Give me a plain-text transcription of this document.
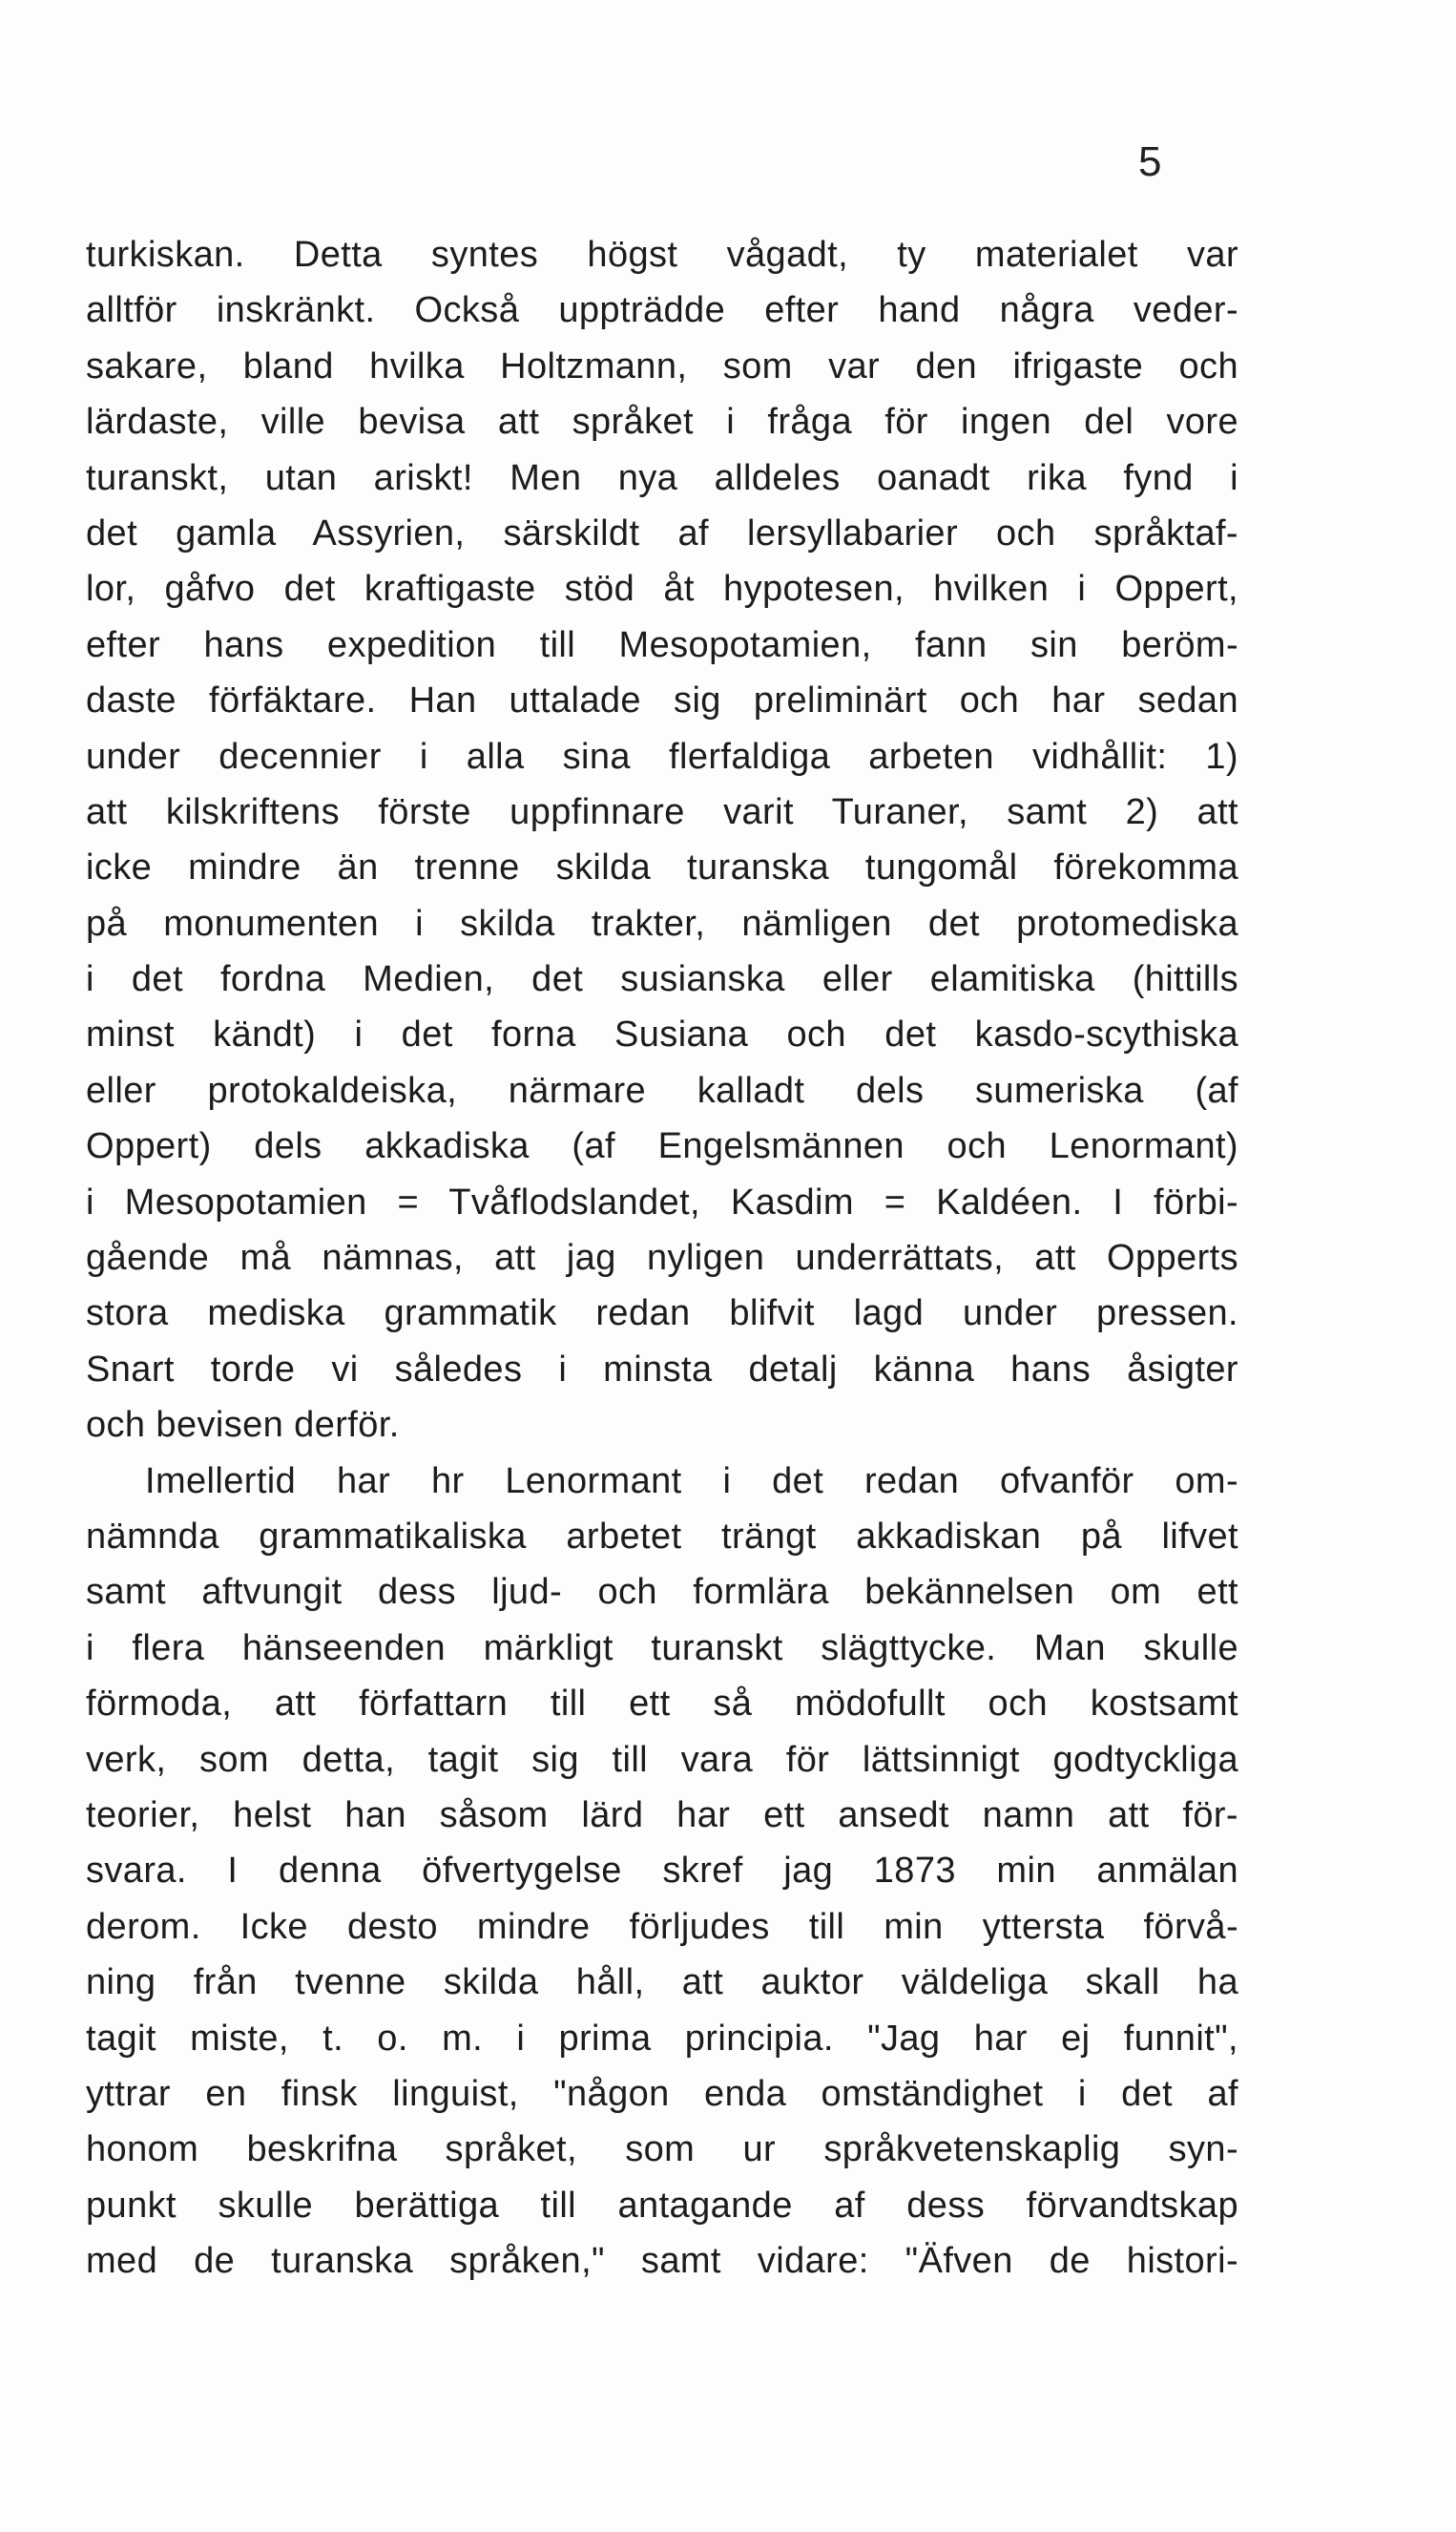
5
turkiskan. Detta syntes högst vågadt, ty materialet var
alltför inskränkt. Också uppträdde efter hand några veder-
sakare, bland hvilka Holtzmann, som var den ifrigaste och
lärdaste, ville bevisa att språket i fråga för ingen del vore
turanskt, utan ariskt! Men nya alldeles oanadt rika fynd i
det gamla Assyrien, särskildt af lersyllabarier och språktaf-
lor, gåfvo det kraftigaste stöd åt hypotesen, hvilken i Oppert,
efter hans expedition till Mesopotamien, fann sin beröm-
daste förfäktare. Han uttalade sig preliminärt och har sedan
under decennier i alla sina flerfaldiga arbeten vidhållit: 1)
att kilskriftens förste uppfinnare varit Turaner, samt 2) att
icke mindre än trenne skilda turanska tungomål förekomma
på monumenten i skilda trakter, nämligen det protomediska
i det fordna Medien, det susianska eller elamitiska (hittills
minst kändt) i det forna Susiana och det kasdo-scythiska
eller protokaldeiska, närmare kalladt dels sumeriska (af
Oppert) dels akkadiska (af Engelsmännen och Lenormant)
i Mesopotamien = Tvåflodslandet, Kasdim = Kaldéen. I förbi-
gående må nämnas, att jag nyligen underrättats, att Opperts
stora mediska grammatik redan blifvit lagd under pressen.
Snart torde vi således i minsta detalj känna hans åsigter
och bevisen derför.
Imellertid har hr Lenormant i det redan ofvanför om-
nämnda grammatikaliska arbetet trängt akkadiskan på lifvet
samt aftvungit dess ljud- och formlära bekännelsen om ett
i flera hänseenden märkligt turanskt slägttycke. Man skulle
förmoda, att författarn till ett så mödofullt och kostsamt
verk, som detta, tagit sig till vara för lättsinnigt godtyckliga
teorier, helst han såsom lärd har ett ansedt namn att för-
svara. I denna öfvertygelse skref jag 1873 min anmälan
derom. Icke desto mindre förljudes till min yttersta förvå-
ning från tvenne skilda håll, att auktor väldeliga skall ha
tagit miste, t. o. m. i prima principia. "Jag har ej funnit",
yttrar en finsk linguist, "någon enda omständighet i det af
honom beskrifna språket, som ur språkvetenskaplig syn-
punkt skulle berättiga till antagande af dess förvandtskap
med de turanska språken," samt vidare: "Äfven de histori-
